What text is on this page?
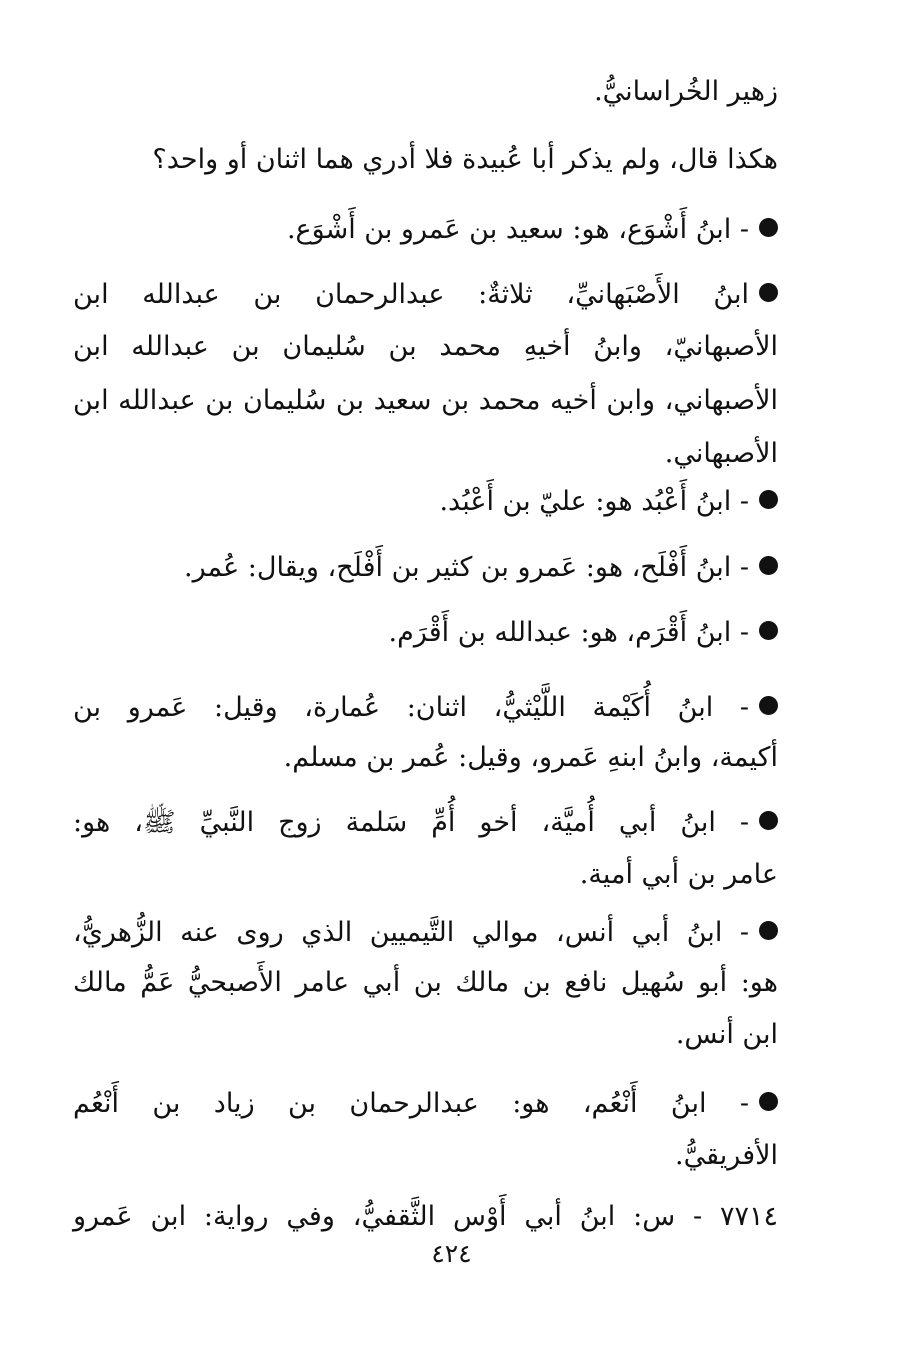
زهير الخُراسانيُّ.
هكذا قال، ولم يذكر أبا عُبيدة فلا أدري هما اثنان أو واحد؟
- ابنُ أَشْوَع، هو: سعيد بن عَمرو بن أَشْوَع.
ابنُ الأَصْبَهانيِّ، ثلاثةٌ: عبدالرحمان بن عبدالله ابن
الأصبهانيّ، وابنُ أخيهِ محمد بن سُليمان بن عبدالله ابن
الأصبهاني، وابن أخيه محمد بن سعيد بن سُليمان بن عبدالله ابن
الأصبهاني.
- ابنُ أَعْبُد هو: عليّ بن أَعْبُد.
- ابنُ أَفْلَح، هو: عَمرو بن كثير بن أَفْلَح، ويقال: عُمر.
- ابنُ أَقْرَم، هو: عبدالله بن أَقْرَم.
- ابنُ أُكَيْمة اللَّيْثيُّ، اثنان: عُمارة، وقيل: عَمرو بن
أكيمة، وابنُ ابنهِ عَمرو، وقيل: عُمر بن مسلم.
- ابنُ أبي أُميَّة، أخو أُمِّ سَلمة زوج النَّبيِّ ﷺ، هو:
عامر بن أبي أمية.
- ابنُ أبي أنس، موالي التَّيميين الذي روى عنه الزُّهريُّ،
هو: أبو سُهيل نافع بن مالك بن أبي عامر الأَصبحيُّ عَمُّ مالك
ابن أنس.
- ابنُ أَنْعُم، هو: عبدالرحمان بن زياد بن أَنْعُم
الأفريقيُّ.
٧٧١٤ - س: ابنُ أبي أَوْس الثَّقفيُّ، وفي رواية: ابن عَمرو
٤٢٤
